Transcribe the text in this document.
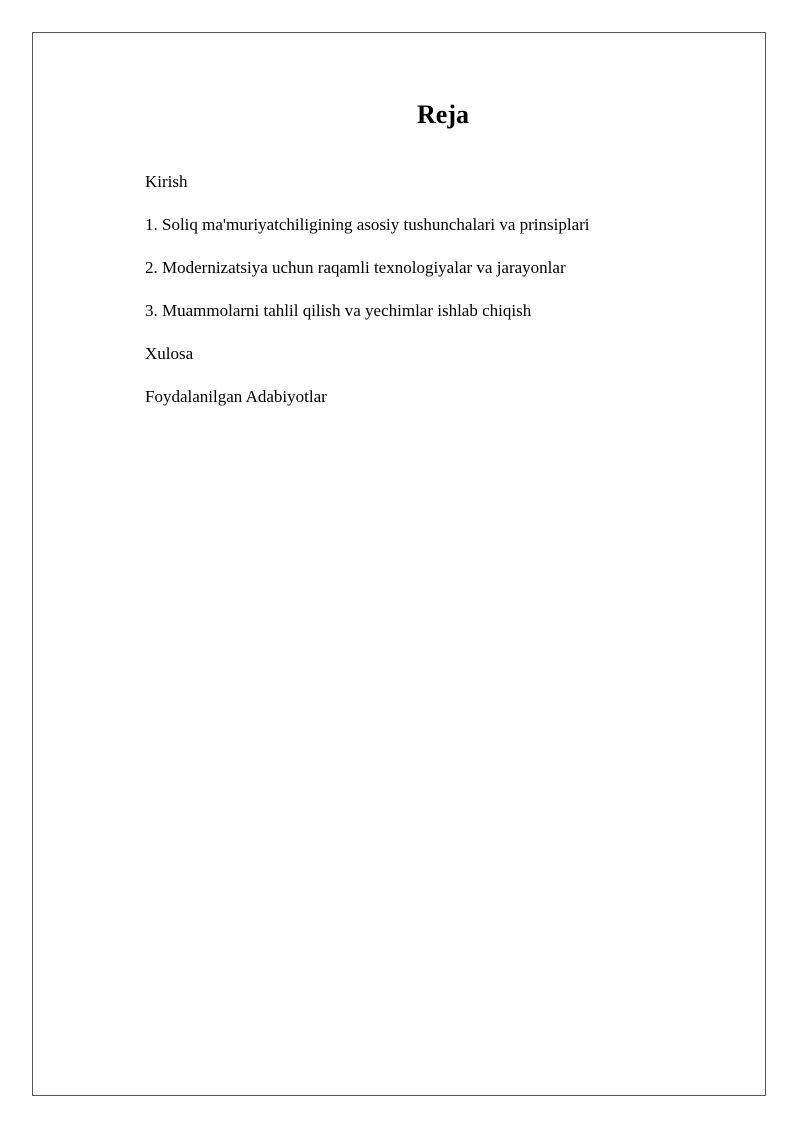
Reja
Kirish
1. Soliq ma'muriyatchiligining asosiy tushunchalari va prinsiplari
2. Modernizatsiya uchun raqamli texnologiyalar va jarayonlar
3. Muammolarni tahlil qilish va yechimlar ishlab chiqish
Xulosa
Foydalanilgan Adabiyotlar
